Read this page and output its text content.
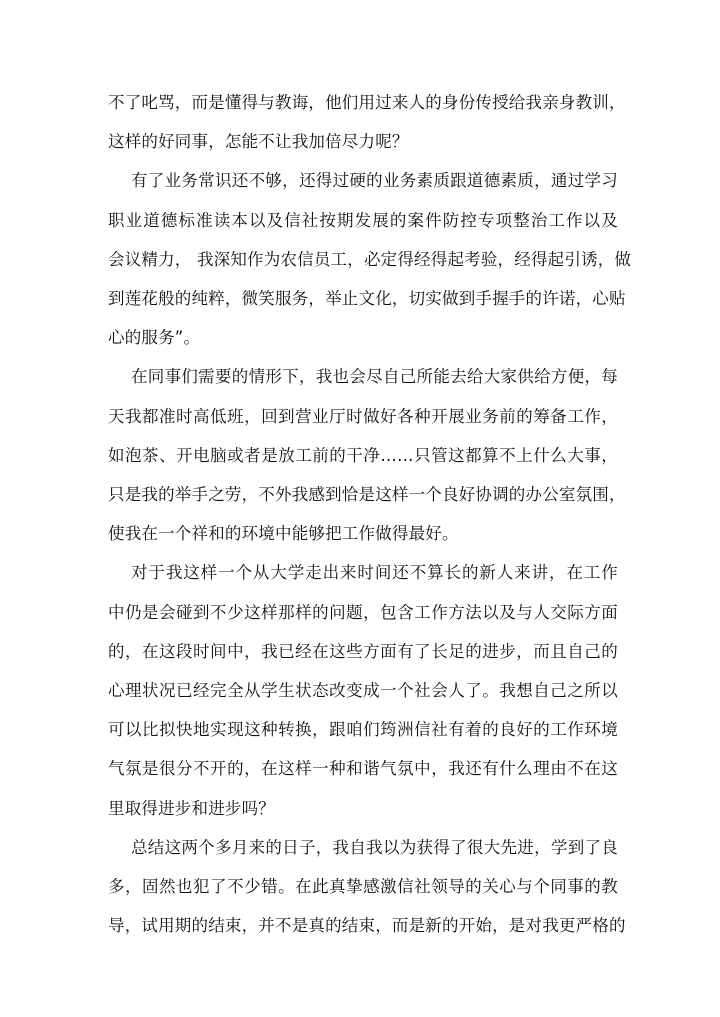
不了叱骂，而是懂得与教诲，他们用过来人的身份传授给我亲身教训，
这样的好同事，怎能不让我加倍尽力呢？
有了业务常识还不够，还得过硬的业务素质跟道德素质，通过学习
职业道德标准读本以及信社按期发展的案件防控专项整治工作以及
会议精力， 我深知作为农信员工，必定得经得起考验，经得起引诱，做
到莲花般的纯粹，微笑服务，举止文化，切实做到手握手的许诺，心贴
心的服务”。
在同事们需要的情形下，我也会尽自己所能去给大家供给方便，每
天我都准时高低班，回到营业厅时做好各种开展业务前的筹备工作，
如泡茶、开电脑或者是放工前的干净……只管这都算不上什么大事，
只是我的举手之劳，不外我感到恰是这样一个良好协调的办公室氛围，
使我在一个祥和的环境中能够把工作做得最好。
对于我这样一个从大学走出来时间还不算长的新人来讲，在工作
中仍是会碰到不少这样那样的问题，包含工作方法以及与人交际方面
的，在这段时间中，我已经在这些方面有了长足的进步，而且自己的
心理状况已经完全从学生状态改变成一个社会人了。我想自己之所以
可以比拟快地实现这种转换，跟咱们筠洲信社有着的良好的工作环境
气氛是很分不开的，在这样一种和谐气氛中，我还有什么理由不在这
里取得进步和进步吗？
总结这两个多月来的日子，我自我以为获得了很大先进，学到了良
多，固然也犯了不少错。在此真挚感激信社领导的关心与个同事的教
导，试用期的结束，并不是真的结束，而是新的开始，是对我更严格的
